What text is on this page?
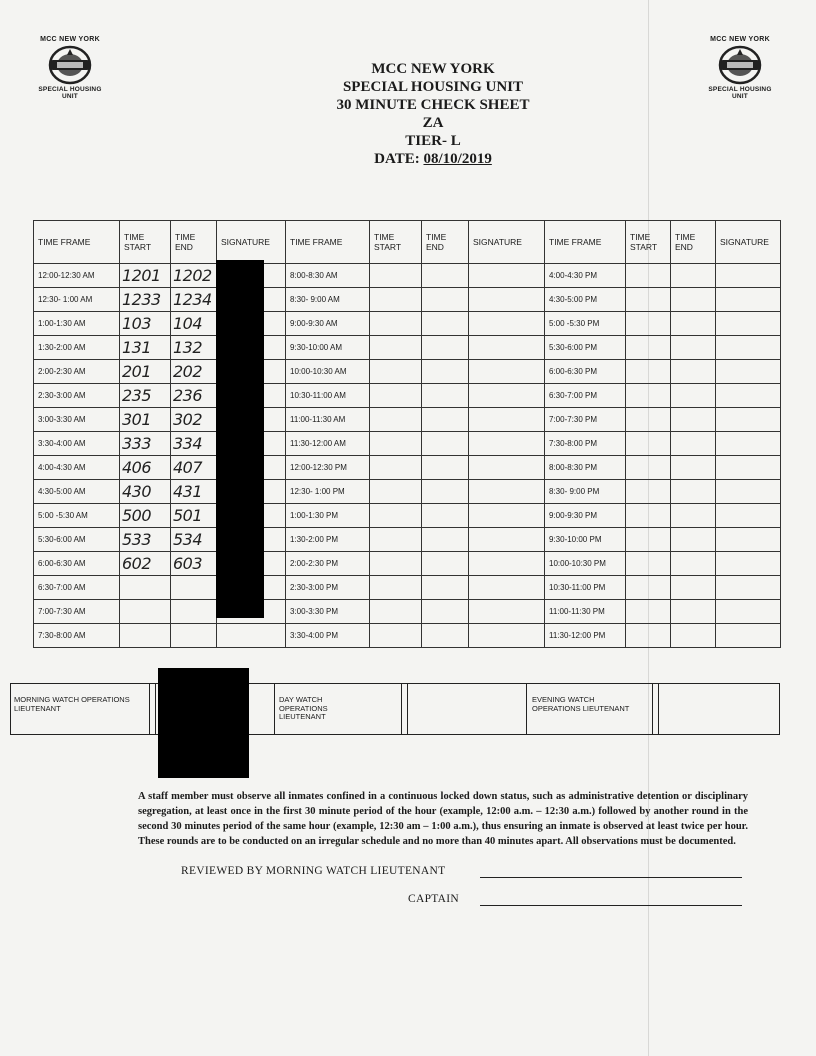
MCC NEW YORK
SPECIAL HOUSING UNIT
MCC NEW YORK
SPECIAL HOUSING UNIT
MCC NEW YORK
SPECIAL HOUSING UNIT
30 MINUTE CHECK SHEET
ZA
TIER- L
DATE: 08/10/2019
TIME FRAME	TIME START	TIME END	SIGNATURE	TIME FRAME	TIME START	TIME END	SIGNATURE	TIME FRAME	TIME START	TIME END	SIGNATURE
12:00-12:30 AM	1201	1202		8:00-8:30 AM				4:00-4:30 PM			
12:30- 1:00 AM	1233	1234		8:30- 9:00 AM				4:30-5:00 PM			
1:00-1:30 AM	103	104		9:00-9:30 AM				5:00 -5:30 PM			
1:30-2:00 AM	131	132		9:30-10:00 AM				5:30-6:00 PM			
2:00-2:30 AM	201	202		10:00-10:30 AM				6:00-6:30 PM			
2:30-3:00 AM	235	236		10:30-11:00 AM				6:30-7:00 PM			
3:00-3:30 AM	301	302		11:00-11:30 AM				7:00-7:30 PM			
3:30-4:00 AM	333	334		11:30-12:00 AM				7:30-8:00 PM			
4:00-4:30 AM	406	407		12:00-12:30 PM				8:00-8:30 PM			
4:30-5:00 AM	430	431		12:30- 1:00 PM				8:30- 9:00 PM			
5:00 -5:30 AM	500	501		1:00-1:30 PM				9:00-9:30 PM			
5:30-6:00 AM	533	534		1:30-2:00 PM				9:30-10:00 PM			
6:00-6:30 AM	602	603		2:00-2:30 PM				10:00-10:30 PM			
6:30-7:00 AM				2:30-3:00 PM				10:30-11:00 PM			
7:00-7:30 AM				3:00-3:30 PM				11:00-11:30 PM			
7:30-8:00 AM				3:30-4:00 PM				11:30-12:00 PM			
MORNING WATCH OPERATIONS LIEUTENANT
DAY WATCH OPERATIONS LIEUTENANT
EVENING WATCH OPERATIONS LIEUTENANT
A staff member must observe all inmates confined in a continuous locked down status, such as administrative detention or disciplinary segregation, at least once in the first 30 minute period of the hour (example, 12:00 a.m. – 12:30 a.m.) followed by another round in the second 30 minutes period of the same hour (example, 12:30 am – 1:00 a.m.), thus ensuring an inmate is observed at least twice per hour. These rounds are to be conducted on an irregular schedule and no more than 40 minutes apart. All observations must be documented.
REVIEWED BY MORNING WATCH LIEUTENANT
CAPTAIN
